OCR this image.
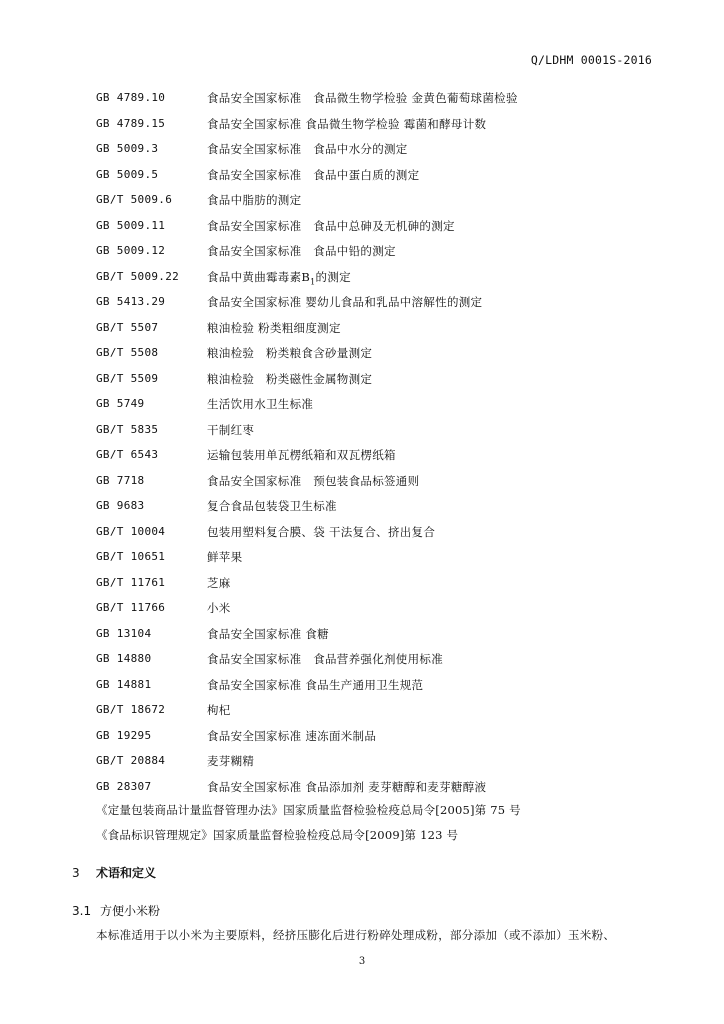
Q/LDHM 0001S-2016
GB 4789.10	食品安全国家标准　食品微生物学检验 金黄色葡萄球菌检验
GB 4789.15	食品安全国家标准 食品微生物学检验 霉菌和酵母计数
GB 5009.3	食品安全国家标准　食品中水分的测定
GB 5009.5	食品安全国家标准　食品中蛋白质的测定
GB/T 5009.6	食品中脂肪的测定
GB 5009.11	食品安全国家标准　食品中总砷及无机砷的测定
GB 5009.12	食品安全国家标准　食品中铅的测定
GB/T 5009.22 食品中黄曲霉毒素$B_1$的测定
GB 5413.29	食品安全国家标准 婴幼儿食品和乳品中溶解性的测定
GB/T 5507	粮油检验 粉类粗细度测定
GB/T 5508	粮油检验　粉类粮食含砂量测定
GB/T 5509	粮油检验　粉类磁性金属物测定
GB 5749	生活饮用水卫生标准
GB/T 5835	干制红枣
GB/T 6543	运输包装用单瓦楞纸箱和双瓦楞纸箱
GB 7718	食品安全国家标准　预包装食品标签通则
GB 9683	复合食品包装袋卫生标准
GB/T 10004	包装用塑料复合膜、袋 干法复合、挤出复合
GB/T 10651	鲜苹果
GB/T 11761	芝麻
GB/T 11766	小米
GB 13104	食品安全国家标准 食糖
GB 14880	食品安全国家标准　食品营养强化剂使用标准
GB 14881	食品安全国家标准 食品生产通用卫生规范
GB/T 18672	枸杞
GB 19295	食品安全国家标准 速冻面米制品
GB/T 20884	麦芽糊精
GB 28307	食品安全国家标准 食品添加剂 麦芽糖醇和麦芽糖醇液
《定量包装商品计量监督管理办法》国家质量监督检验检疫总局令[2005]第 75 号
《食品标识管理规定》国家质量监督检验检疫总局令[2009]第 123 号
3 术语和定义
3.1 方便小米粉
本标准适用于以小米为主要原料，经挤压膨化后进行粉碎处理成粉，部分添加（或不添加）玉米粉、
3
